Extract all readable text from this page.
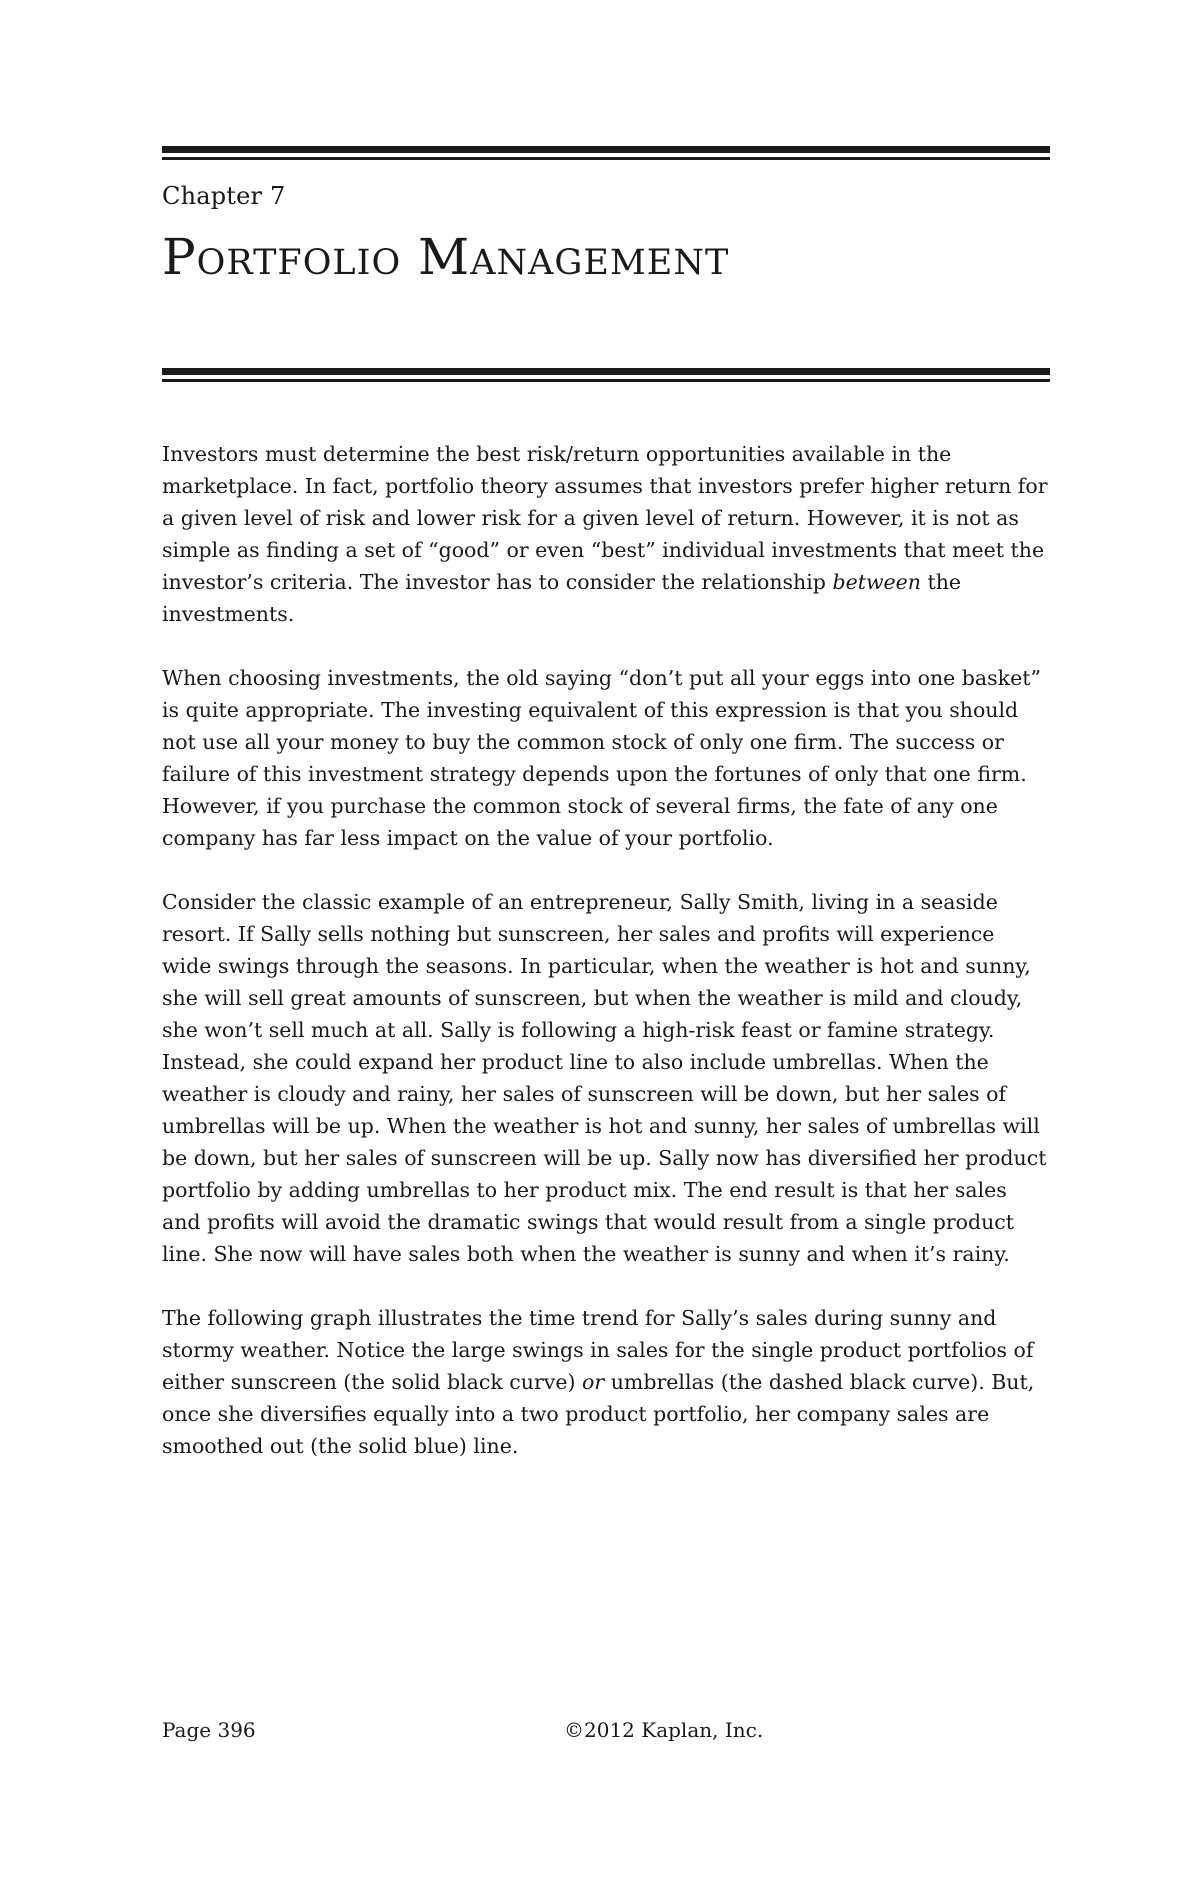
Chapter 7
Portfolio Management

Investors must determine the best risk/return opportunities available in the marketplace. In fact, portfolio theory assumes that investors prefer higher return for a given level of risk and lower risk for a given level of return. However, it is not as simple as finding a set of “good” or even “best” individual investments that meet the investor’s criteria. The investor has to consider the relationship between the investments.

When choosing investments, the old saying “don’t put all your eggs into one basket” is quite appropriate. The investing equivalent of this expression is that you should not use all your money to buy the common stock of only one firm. The success or failure of this investment strategy depends upon the fortunes of only that one firm. However, if you purchase the common stock of several firms, the fate of any one company has far less impact on the value of your portfolio.

Consider the classic example of an entrepreneur, Sally Smith, living in a seaside resort. If Sally sells nothing but sunscreen, her sales and profits will experience wide swings through the seasons. In particular, when the weather is hot and sunny, she will sell great amounts of sunscreen, but when the weather is mild and cloudy, she won’t sell much at all. Sally is following a high-risk feast or famine strategy. Instead, she could expand her product line to also include umbrellas. When the weather is cloudy and rainy, her sales of sunscreen will be down, but her sales of umbrellas will be up. When the weather is hot and sunny, her sales of umbrellas will be down, but her sales of sunscreen will be up. Sally now has diversified her product portfolio by adding umbrellas to her product mix. The end result is that her sales and profits will avoid the dramatic swings that would result from a single product line. She now will have sales both when the weather is sunny and when it’s rainy.

The following graph illustrates the time trend for Sally’s sales during sunny and stormy weather. Notice the large swings in sales for the single product portfolios of either sunscreen (the solid black curve) or umbrellas (the dashed black curve). But, once she diversifies equally into a two product portfolio, her company sales are smoothed out (the solid blue) line.

Page 396	©2012 Kaplan, Inc.
